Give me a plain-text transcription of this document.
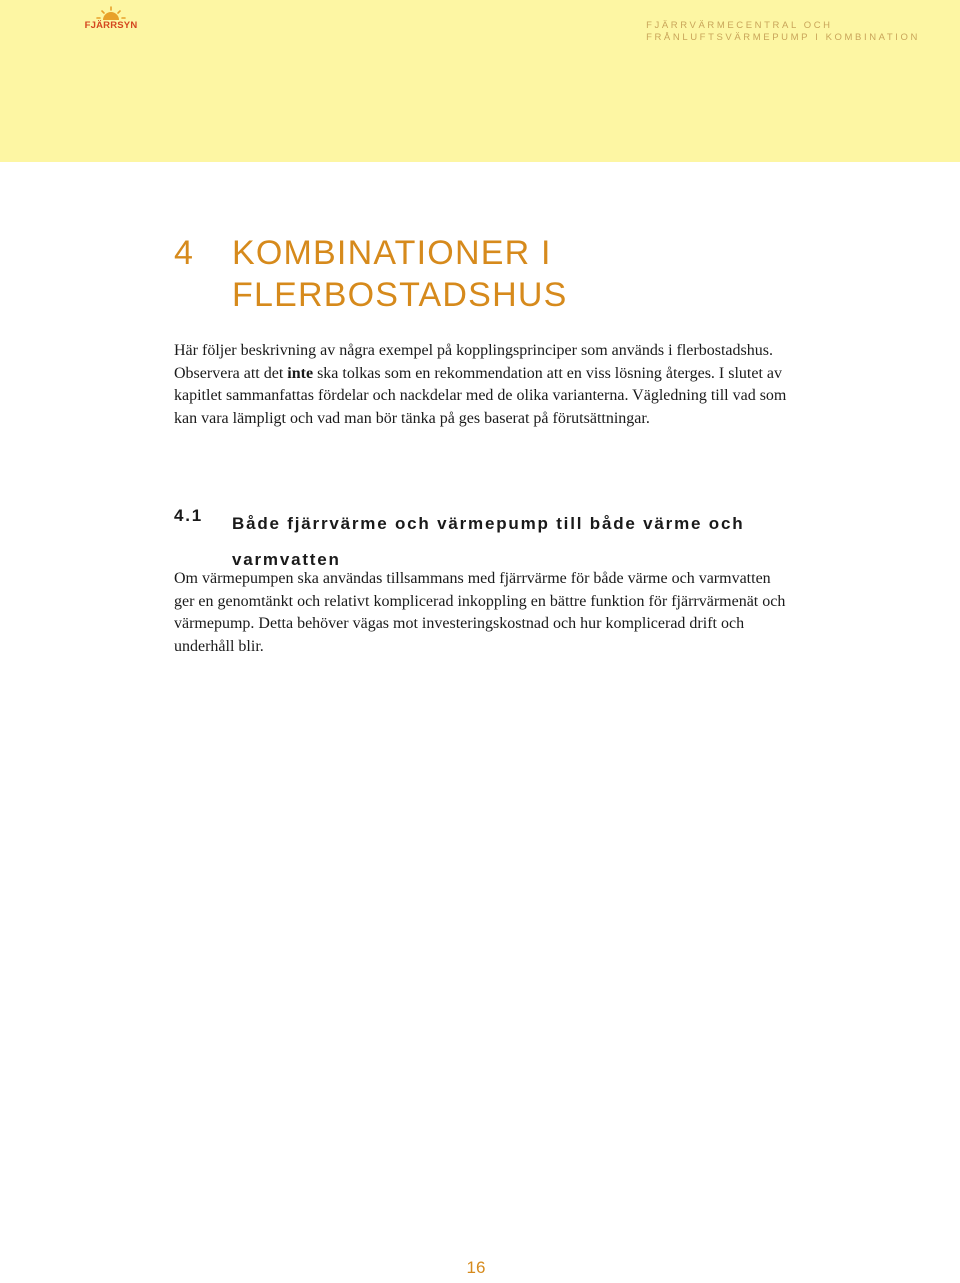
FJÄRRSYN	FJÄRRVÄRMECENTRAL OCH
FRÅNLUFTSVÄRMEPUMP I KOMBINATION
4 KOMBINATIONER I
FLERBOSTADSHUS

Här följer beskrivning av några exempel på kopplingsprinciper som används i flerbostadshus. Observera att det inte ska tolkas som en rekommendation att en viss lösning återges. I slutet av kapitlet sammanfattas fördelar och nackdelar med de olika varianterna. Vägledning till vad som kan vara lämpligt och vad man bör tänka på ges baserat på förutsättningar.

4.1 Både fjärrvärme och värmepump till både värme och varmvatten

Om värmepumpen ska användas tillsammans med fjärrvärme för både värme och varmvatten ger en genomtänkt och relativt komplicerad inkoppling en bättre funktion för fjärrvärmenät och värmepump. Detta behöver vägas mot investeringskostnad och hur komplicerad drift och underhåll blir.

16
